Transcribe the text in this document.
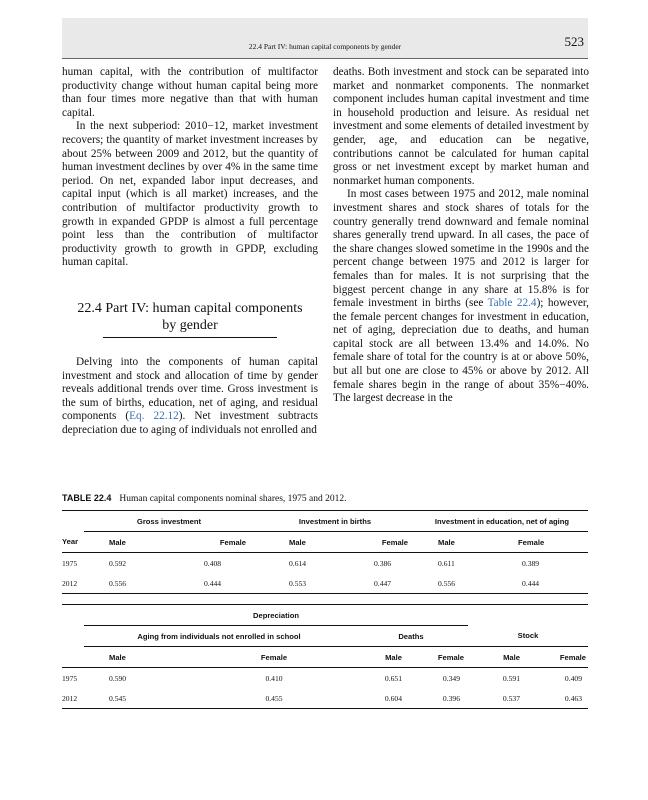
22.4 Part IV: human capital components by gender	523

human capital, with the contribution of multifactor productivity change without human capital being more than four times more negative than that with human capital.

In the next subperiod: 2010−12, market investment recovers; the quantity of market investment increases by about 25% between 2009 and 2012, but the quantity of human investment declines by over 4% in the same time period. On net, expanded labor input decreases, and capital input (which is all market) increases, and the contribution of multifactor productivity growth to growth in expanded GPDP is almost a full percentage point less than the contribution of multifactor productivity growth to growth in GPDP, excluding human capital.

22.4 Part IV: human capital components
by gender

Delving into the components of human capital investment and stock and allocation of time by gender reveals additional trends over time. Gross investment is the sum of births, education, net of aging, and residual components (Eq. 22.12). Net investment subtracts depreciation due to aging of individuals not enrolled and

deaths. Both investment and stock can be separated into market and nonmarket components. The nonmarket component includes human capital investment and time in household production and leisure. As residual net investment and some elements of detailed investment by gender, age, and education can be negative, contributions cannot be calculated for human capital gross or net investment except by market human and nonmarket human components.

In most cases between 1975 and 2012, male nominal investment shares and stock shares of totals for the country generally trend downward and female nominal shares generally trend upward. In all cases, the pace of the share changes slowed sometime in the 1990s and the percent change between 1975 and 2012 is larger for females than for males. It is not surprising that the biggest percent change in any share at 15.8% is for female investment in births (see Table 22.4); however, the female percent changes for investment in education, net of aging, depreciation due to deaths, and human capital stock are all between 13.4% and 14.0%. No female share of total for the country is at or above 50%, but all but one are close to 45% or above by 2012. All female shares begin in the range of about 35%−40%. The largest decrease in the

TABLE 22.4 Human capital components nominal shares, 1975 and 2012.
	Gross investment		Investment in births		Investment in education, net of aging	
Year	Male	Female	Male	Female	Male	Female
1975	0.592	0.408	0.614	0.386	0.611	0.389
2012	0.556	0.444	0.553	0.447	0.556	0.444
	Depreciation					
	Aging from individuals not enrolled in school		Deaths		Stock	
	Male	Female	Male	Female	Male	Female
1975	0.590	0.410	0.651	0.349	0.591	0.409
2012	0.545	0.455	0.604	0.396	0.537	0.463
